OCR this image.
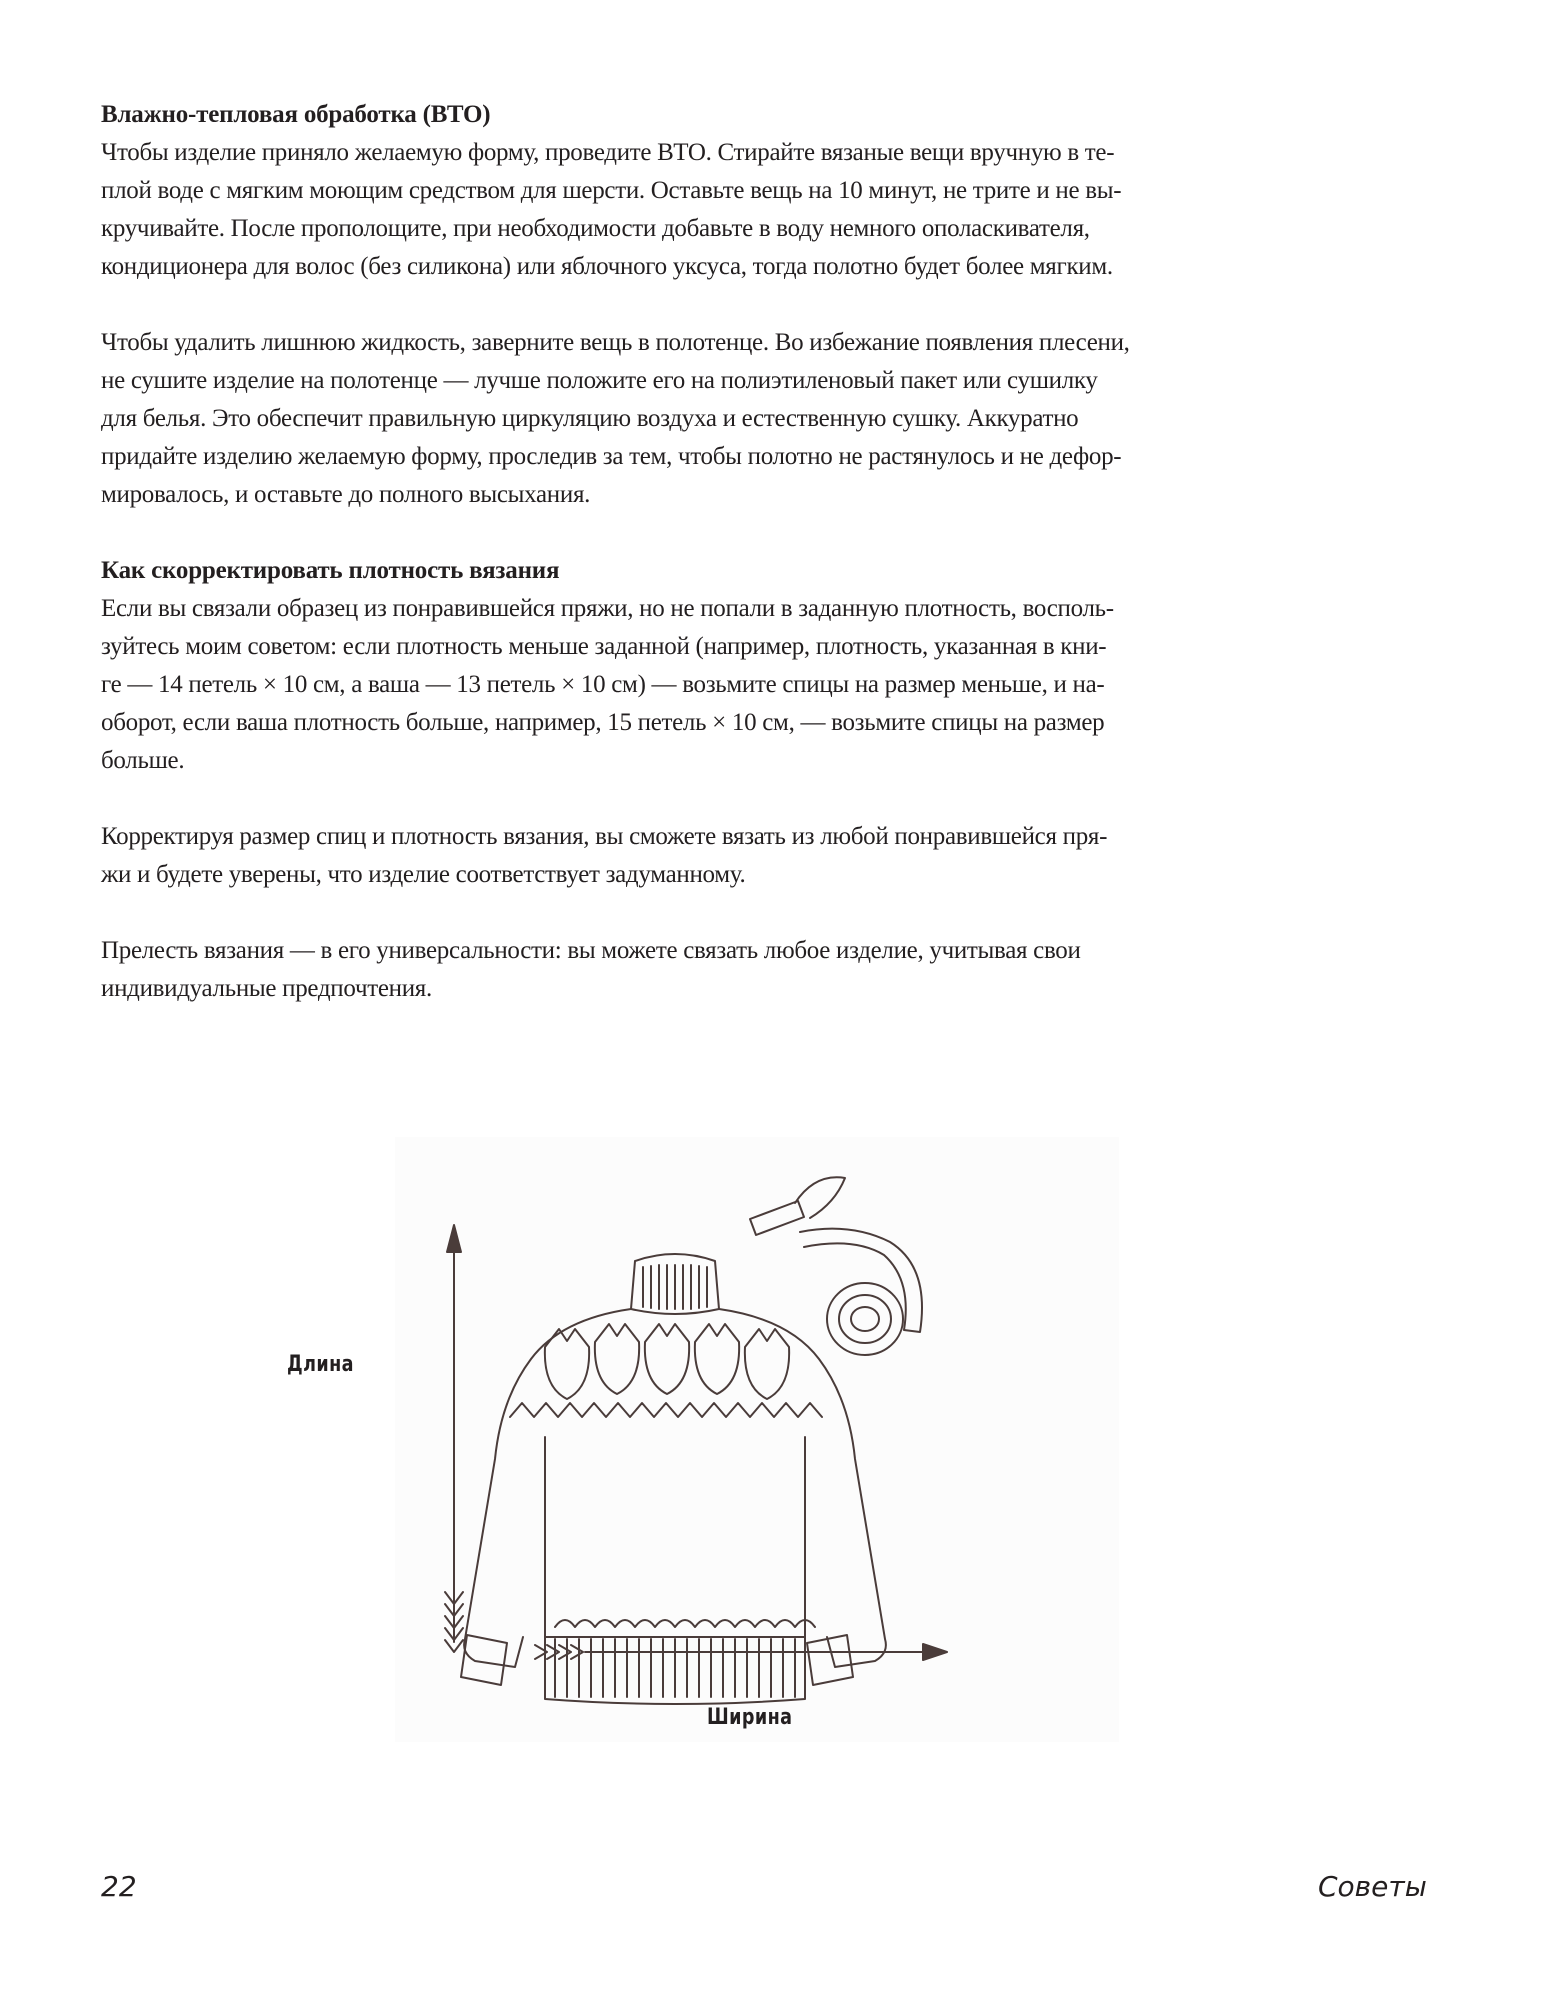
Влажно-тепловая обработка (ВТО)

Чтобы изделие приняло желаемую форму, проведите ВТО. Стирайте вязаные вещи вручную в те-
плой воде с мягким моющим средством для шерсти. Оставьте вещь на 10 минут, не трите и не вы-
кручивайте. После прополощите, при необходимости добавьте в воду немного ополаскивателя,
кондиционера для волос (без силикона) или яблочного уксуса, тогда полотно будет более мягким.

Чтобы удалить лишнюю жидкость, заверните вещь в полотенце. Во избежание появления плесени,
не сушите изделие на полотенце — лучше положите его на полиэтиленовый пакет или сушилку
для белья. Это обеспечит правильную циркуляцию воздуха и естественную сушку. Аккуратно
придайте изделию желаемую форму, проследив за тем, чтобы полотно не растянулось и не дефор-
мировалось, и оставьте до полного высыхания.

Как скорректировать плотность вязания

Если вы связали образец из понравившейся пряжи, но не попали в заданную плотность, восполь-
зуйтесь моим советом: если плотность меньше заданной (например, плотность, указанная в кни-
ге — 14 петель × 10 см, а ваша — 13 петель × 10 см) — возьмите спицы на размер меньше, и на-
оборот, если ваша плотность больше, например, 15 петель × 10 см, — возьмите спицы на размер
больше.

Корректируя размер спиц и плотность вязания, вы сможете вязать из любой понравившейся пря-
жи и будете уверены, что изделие соответствует задуманному.

Прелесть вязания — в его универсальности: вы можете связать любое изделие, учитывая свои
индивидуальные предпочтения.

Длина
Ширина
22	Советы
